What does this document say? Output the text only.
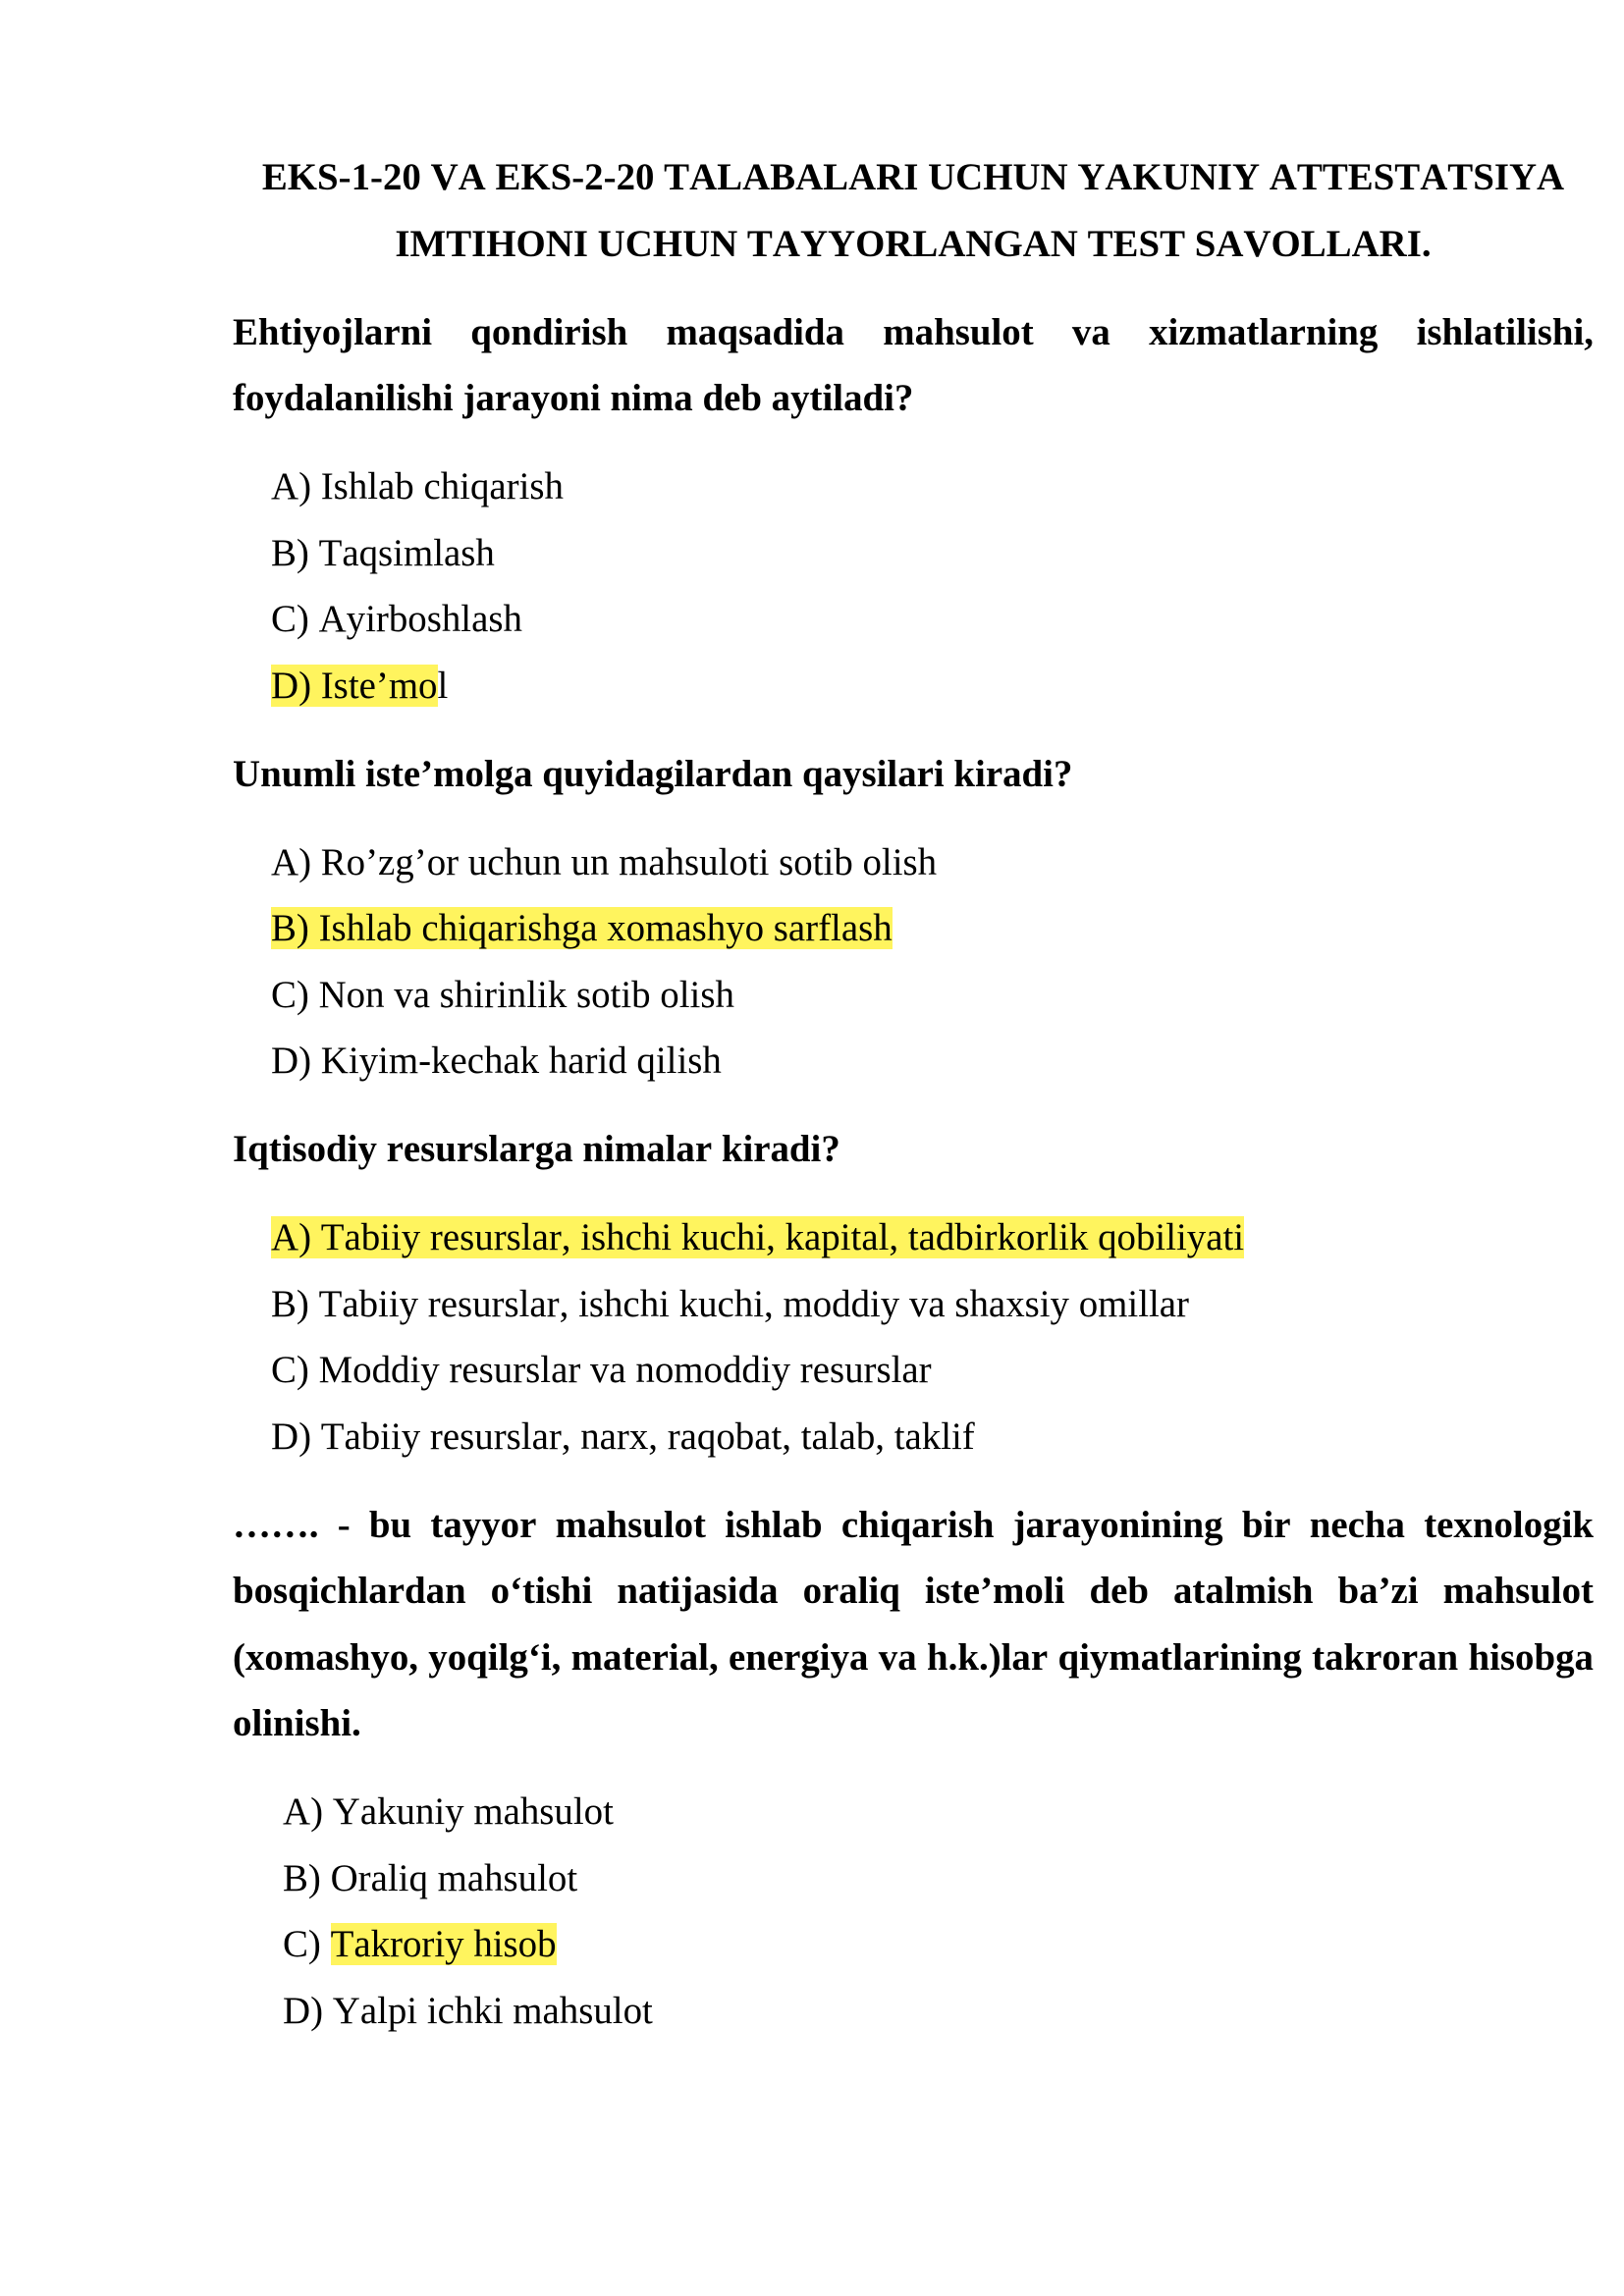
EKS-1-20 VA EKS-2-20 TALABALARI UCHUN YAKUNIY ATTESTATSIYA
IMTIHONI UCHUN TAYYORLANGAN TEST SAVOLLARI.

Ehtiyojlarni qondirish maqsadida mahsulot va xizmatlarning ishlatilishi, foydalanilishi jarayoni nima deb aytiladi?

A) Ishlab chiqarish
B) Taqsimlash
C) Ayirboshlash
D) Iste’mol

Unumli iste’molga quyidagilardan qaysilari kiradi?

A) Ro’zg’or uchun un mahsuloti sotib olish
B) Ishlab chiqarishga xomashyo sarflash
C) Non va shirinlik sotib olish
D) Kiyim-kechak harid qilish

Iqtisodiy resurslarga nimalar kiradi?

A) Tabiiy resurslar, ishchi kuchi, kapital, tadbirkorlik qobiliyati
B) Tabiiy resurslar, ishchi kuchi, moddiy va shaxsiy omillar
C) Moddiy resurslar va nomoddiy resurslar
D) Tabiiy resurslar, narx, raqobat, talab, taklif

……. - bu tayyor mahsulot ishlab chiqarish jarayonining bir necha texnologik bosqichlardan o‘tishi natijasida oraliq iste’moli deb atalmish ba’zi mahsulot (xomashyo, yoqilg‘i, material, energiya va h.k.)lar qiymatlarining takroran hisobga olinishi.

A) Yakuniy mahsulot
B) Oraliq mahsulot
C) Takroriy hisob
D) Yalpi ichki mahsulot
